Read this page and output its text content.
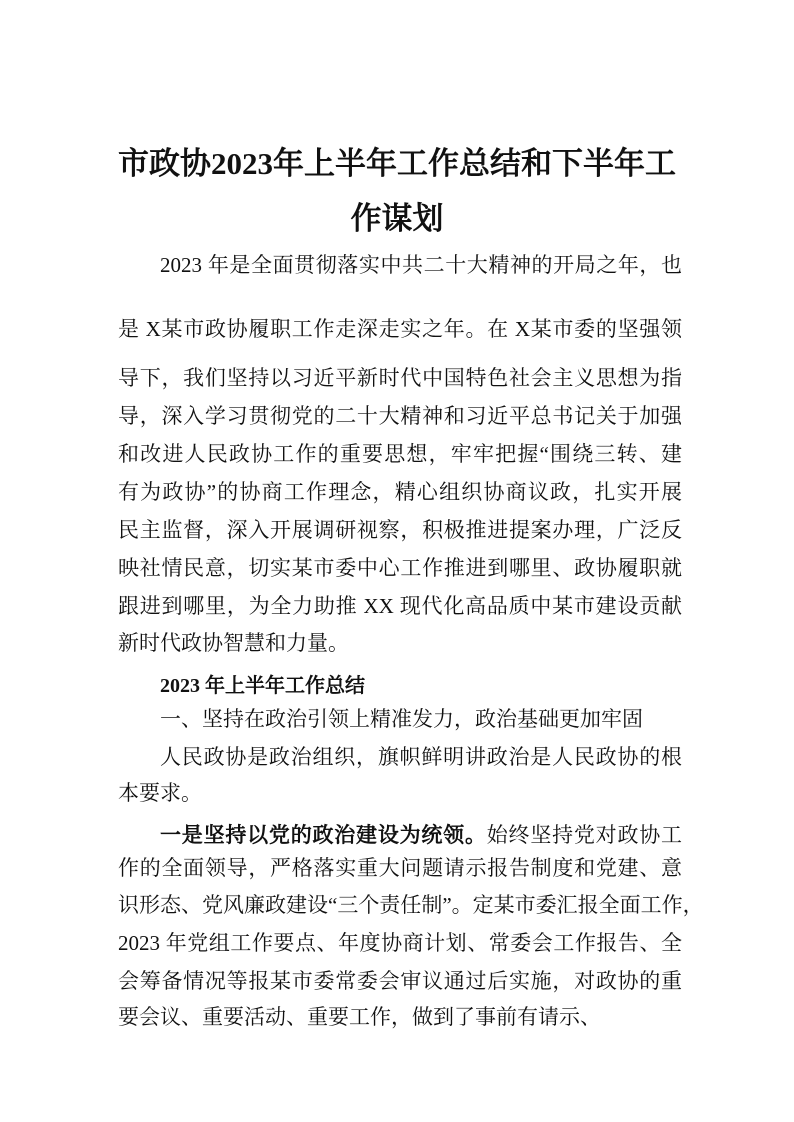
市政协2023年上半年工作总结和下半年工
作谋划
2023 年是全面贯彻落实中共二十大精神的开局之年，也
是 X某市政协履职工作走深走实之年。在 X某市委的坚强领
导下，我们坚持以习近平新时代中国特色社会主义思想为指
导，深入学习贯彻党的二十大精神和习近平总书记关于加强
和改进人民政协工作的重要思想，牢牢把握“围绕三转、建
有为政协”的协商工作理念，精心组织协商议政，扎实开展
民主监督，深入开展调研视察，积极推进提案办理，广泛反
映社情民意，切实某市委中心工作推进到哪里、政协履职就
跟进到哪里，为全力助推 XX 现代化高品质中某市建设贡献
新时代政协智慧和力量。
2023 年上半年工作总结
一、坚持在政治引领上精准发力，政治基础更加牢固
人民政协是政治组织，旗帜鲜明讲政治是人民政协的根
本要求。
一是坚持以党的政治建设为统领。始终坚持党对政协工
作的全面领导，严格落实重大问题请示报告制度和党建、意
识形态、党风廉政建设“三个责任制”。定某市委汇报全面工作，
2023 年党组工作要点、年度协商计划、常委会工作报告、全
会筹备情况等报某市委常委会审议通过后实施，对政协的重
要会议、重要活动、重要工作，做到了事前有请示、
